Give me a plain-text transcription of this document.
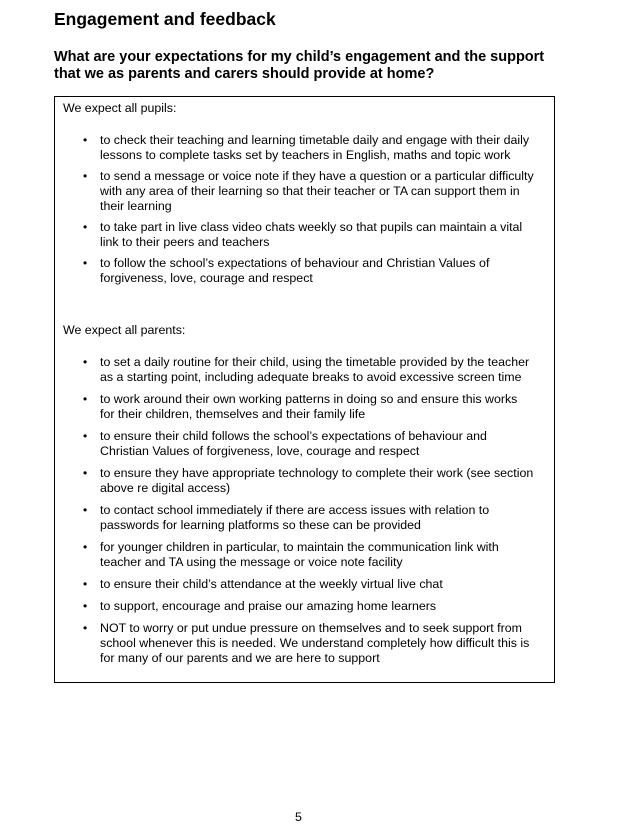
Engagement and feedback
What are your expectations for my child’s engagement and the support that we as parents and carers should provide at home?

We expect all pupils:

• to check their teaching and learning timetable daily and engage with their daily lessons to complete tasks set by teachers in English, maths and topic work
• to send a message or voice note if they have a question or a particular difficulty with any area of their learning so that their teacher or TA can support them in their learning
• to take part in live class video chats weekly so that pupils can maintain a vital link to their peers and teachers
• to follow the school’s expectations of behaviour and Christian Values of forgiveness, love, courage and respect

We expect all parents:

• to set a daily routine for their child, using the timetable provided by the teacher as a starting point, including adequate breaks to avoid excessive screen time
• to work around their own working patterns in doing so and ensure this works for their children, themselves and their family life
• to ensure their child follows the school’s expectations of behaviour and Christian Values of forgiveness, love, courage and respect
• to ensure they have appropriate technology to complete their work (see section above re digital access)
• to contact school immediately if there are access issues with relation to passwords for learning platforms so these can be provided
• for younger children in particular, to maintain the communication link with teacher and TA using the message or voice note facility
• to ensure their child’s attendance at the weekly virtual live chat
• to support, encourage and praise our amazing home learners
• NOT to worry or put undue pressure on themselves and to seek support from school whenever this is needed. We understand completely how difficult this is for many of our parents and we are here to support
5
